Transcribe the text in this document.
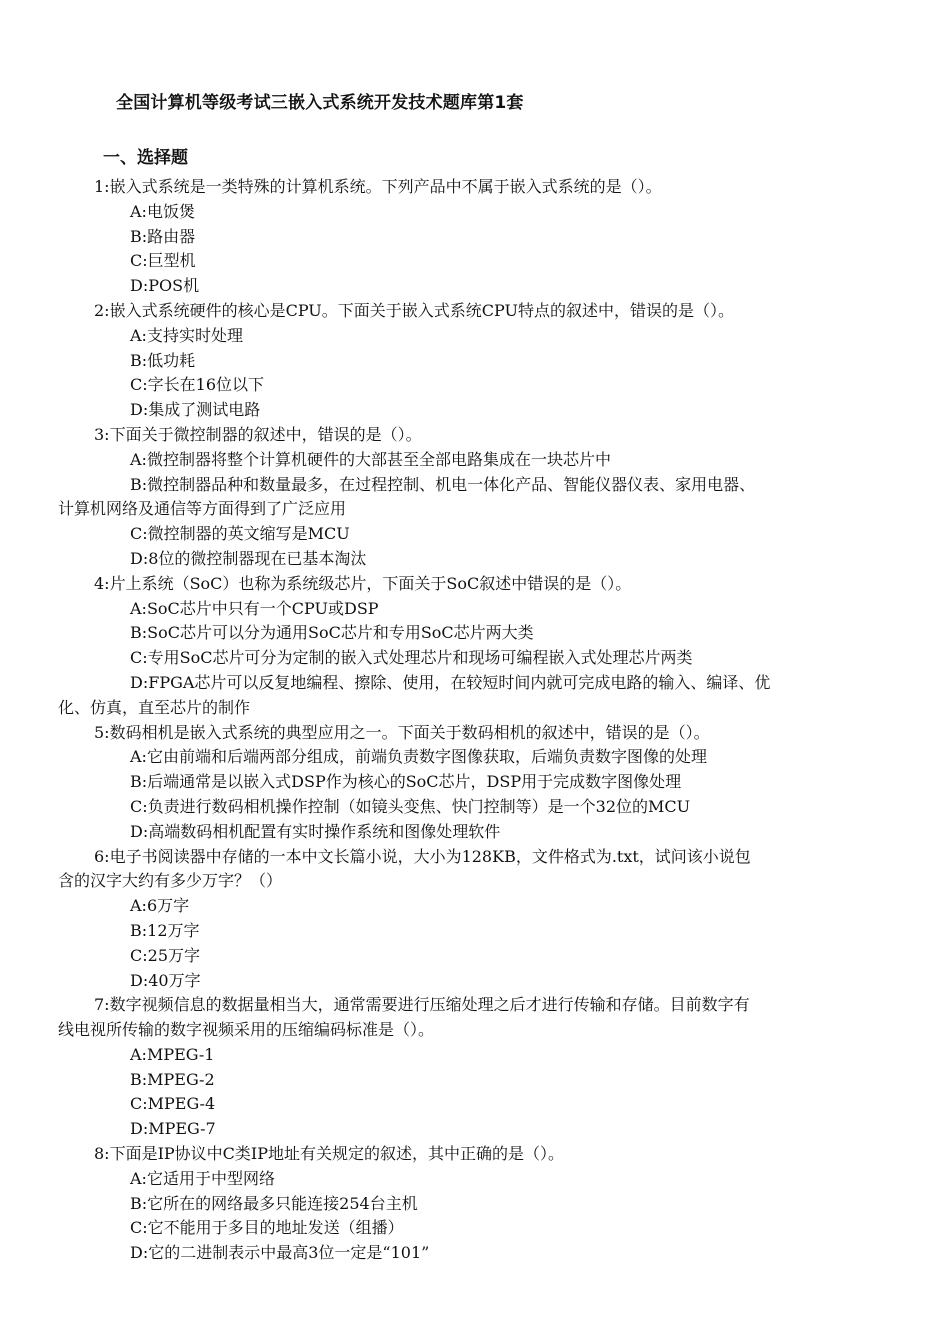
全国计算机等级考试三嵌入式系统开发技术题库第1套
一、选择题
1:嵌入式系统是一类特殊的计算机系统。下列产品中不属于嵌入式系统的是（）。
A:电饭煲
B:路由器
C:巨型机
D:POS机
2:嵌入式系统硬件的核心是CPU。下面关于嵌入式系统CPU特点的叙述中，错误的是（）。
A:支持实时处理
B:低功耗
C:字长在16位以下
D:集成了测试电路
3:下面关于微控制器的叙述中，错误的是（）。
A:微控制器将整个计算机硬件的大部甚至全部电路集成在一块芯片中
B:微控制器品种和数量最多，在过程控制、机电一体化产品、智能仪器仪表、家用电器、
计算机网络及通信等方面得到了广泛应用
C:微控制器的英文缩写是MCU
D:8位的微控制器现在已基本淘汰
4:片上系统（SoC）也称为系统级芯片，下面关于SoC叙述中错误的是（）。
A:SoC芯片中只有一个CPU或DSP
B:SoC芯片可以分为通用SoC芯片和专用SoC芯片两大类
C:专用SoC芯片可分为定制的嵌入式处理芯片和现场可编程嵌入式处理芯片两类
D:FPGA芯片可以反复地编程、擦除、使用，在较短时间内就可完成电路的输入、编译、优
化、仿真，直至芯片的制作
5:数码相机是嵌入式系统的典型应用之一。下面关于数码相机的叙述中，错误的是（）。
A:它由前端和后端两部分组成，前端负责数字图像获取，后端负责数字图像的处理
B:后端通常是以嵌入式DSP作为核心的SoC芯片，DSP用于完成数字图像处理
C:负责进行数码相机操作控制（如镜头变焦、快门控制等）是一个32位的MCU
D:高端数码相机配置有实时操作系统和图像处理软件
6:电子书阅读器中存储的一本中文长篇小说，大小为128KB，文件格式为.txt，试问该小说包
含的汉字大约有多少万字？（）
A:6万字
B:12万字
C:25万字
D:40万字
7:数字视频信息的数据量相当大，通常需要进行压缩处理之后才进行传输和存储。目前数字有
线电视所传输的数字视频采用的压缩编码标准是（）。
A:MPEG-1
B:MPEG-2
C:MPEG-4
D:MPEG-7
8:下面是IP协议中C类IP地址有关规定的叙述，其中正确的是（）。
A:它适用于中型网络
B:它所在的网络最多只能连接254台主机
C:它不能用于多目的地址发送（组播）
D:它的二进制表示中最高3位一定是“101”
